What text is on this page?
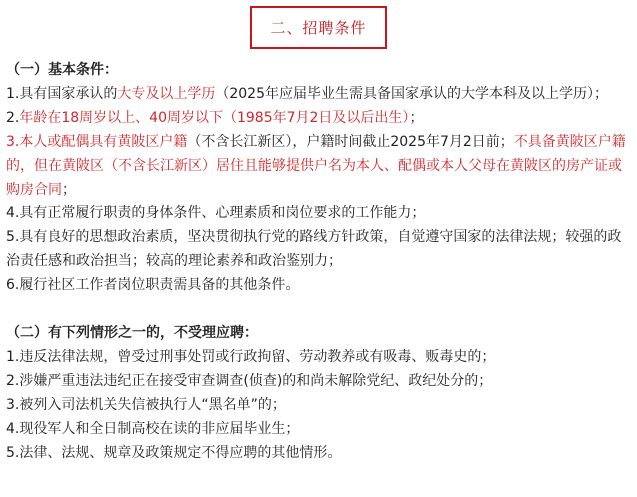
二、招聘条件

（一）基本条件：

1.具有国家承认的大专及以上学历（2025年应届毕业生需具备国家承认的大学本科及以上学历）；

2.年龄在18周岁以上、40周岁以下（1985年7月2日及以后出生）；

3.本人或配偶具有黄陂区户籍（不含长江新区），户籍时间截止2025年7月2日前；不具备黄陂区户籍的，但在黄陂区（不含长江新区）居住且能够提供户名为本人、配偶或本人父母在黄陂区的房产证或购房合同；

4.具有正常履行职责的身体条件、心理素质和岗位要求的工作能力；

5.具有良好的思想政治素质，坚决贯彻执行党的路线方针政策，自觉遵守国家的法律法规；较强的政治责任感和政治担当；较高的理论素养和政治鉴别力；

6.履行社区工作者岗位职责需具备的其他条件。

（二）有下列情形之一的，不受理应聘：

1.违反法律法规，曾受过刑事处罚或行政拘留、劳动教养或有吸毒、贩毒史的；

2.涉嫌严重违法违纪正在接受审查调查(侦查)的和尚未解除党纪、政纪处分的；

3.被列入司法机关失信被执行人“黑名单”的；

4.现役军人和全日制高校在读的非应届毕业生；

5.法律、法规、规章及政策规定不得应聘的其他情形。
